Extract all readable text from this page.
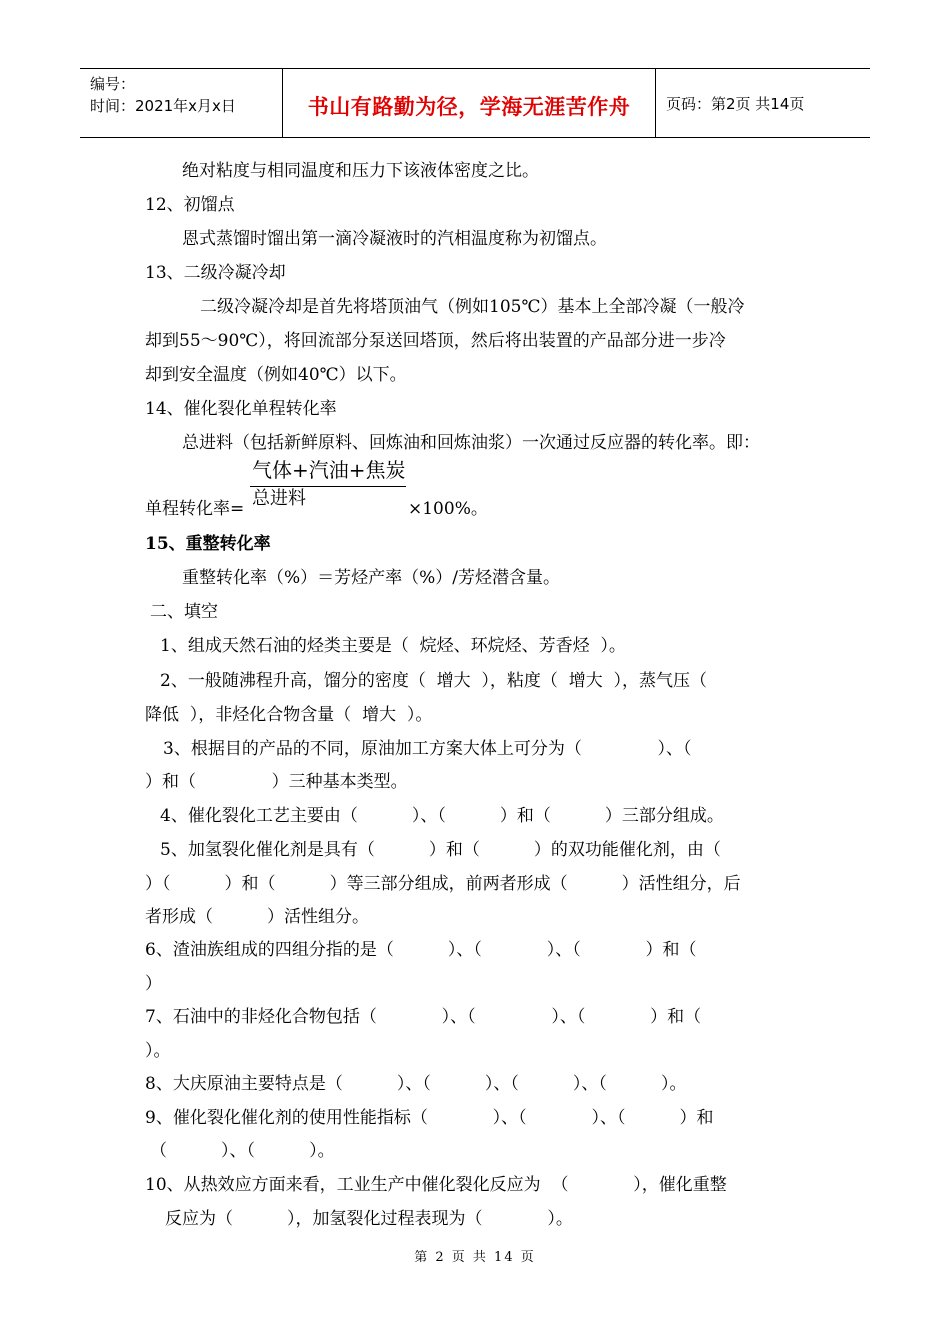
编号：
时间：2021年x月x日	书山有路勤为径，学海无涯苦作舟 页码：第2页 共14页
绝对粘度与相同温度和压力下该液体密度之比。
12、初馏点
恩式蒸馏时馏出第一滴冷凝液时的汽相温度称为初馏点。
13、二级冷凝冷却
二级冷凝冷却是首先将塔顶油气（例如105℃）基本上全部冷凝（一般冷
却到55～90℃），将回流部分泵送回塔顶，然后将出装置的产品部分进一步冷
却到安全温度（例如40℃）以下。
14、催化裂化单程转化率
总进料（包括新鲜原料、回炼油和回炼油浆）一次通过反应器的转化率。即：
气体+汽油+焦炭
总进料
单程转化率=	×100%。
15、重整转化率
重整转化率（%）＝芳烃产率（%）/芳烃潜含量。
二、填空
1、组成天然石油的烃类主要是（  烷烃、环烷烃、芳香烃  ）。
2、一般随沸程升高，馏分的密度（  增大  ），粘度（  增大  ），蒸气压（
降低  ），非烃化合物含量（  增大  ）。
3、根据目的产品的不同，原油加工方案大体上可分为（              ）、（
）和（              ）三种基本类型。
4、催化裂化工艺主要由（          ）、（          ）和（          ）三部分组成。
5、加氢裂化催化剂是具有（          ）和（          ）的双功能催化剂，由（
）（          ）和（          ）等三部分组成，前两者形成（          ）活性组分，后
者形成（          ）活性组分。
6、渣油族组成的四组分指的是（          ）、（            ）、（            ）和（
）
7、石油中的非烃化合物包括（            ）、（              ）、（            ）和（
）。
8、大庆原油主要特点是（          ）、（          ）、（          ）、（          ）。
9、催化裂化催化剂的使用性能指标（            ）、（            ）、（          ）和
（          ）、（          ）。
10、从热效应方面来看，工业生产中催化裂化反应为  （            ），催化重整
反应为（          ），加氢裂化过程表现为（            ）。
第 2 页 共 14 页
